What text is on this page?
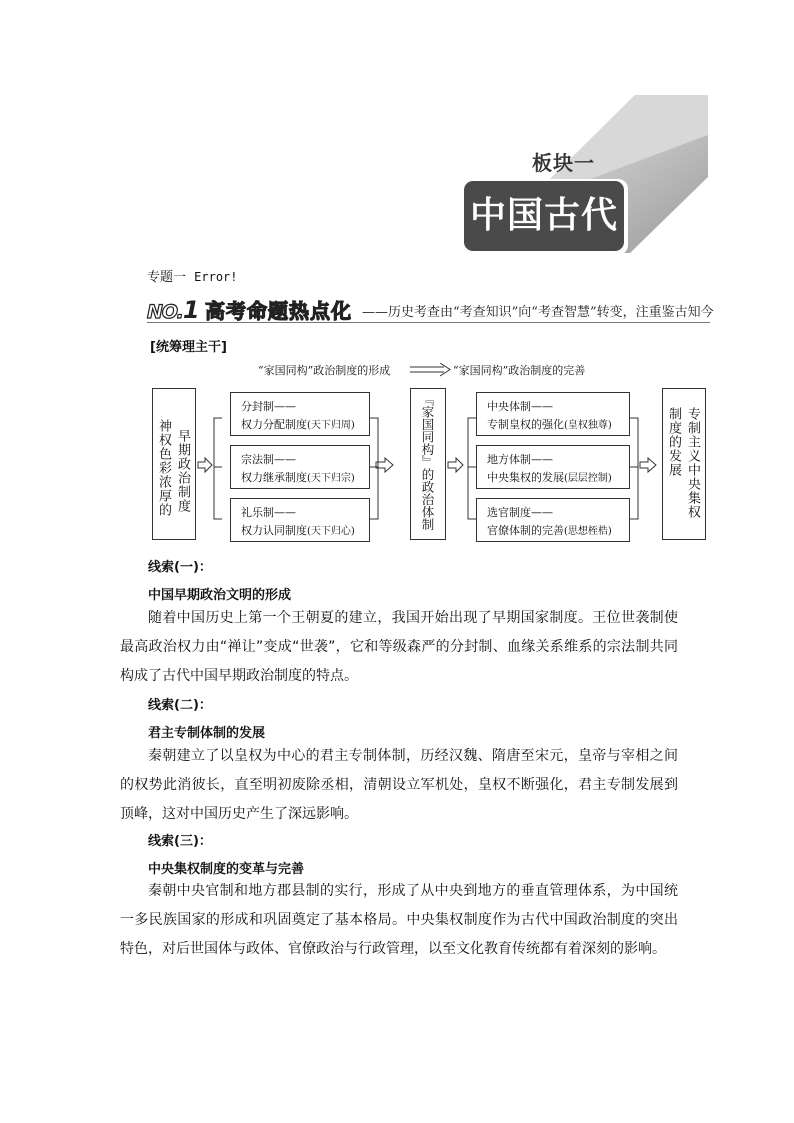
板块一
中国古代史
专题一 Error!
NO.1 高考命题热点化 ——历史考查由“考查知识”向“考查智慧”转变，注重鉴古知今
[统筹理主干]
“家国同构”政治制度的形成	“家国同构”政治制度的完善
早期政治制度
神权色彩浓厚的
分封制——
权力分配制度(天下归周)
宗法制——
权力继承制度(天下归宗)
礼乐制——
权力认同制度(天下归心)
『家国同构』的政治体制	中央体制——
专制皇权的强化(皇权独尊)
地方体制——
中央集权的发展(层层控制)
选官制度——
官僚体制的完善(思想桎梏)
专制主义中央集权
制度的发展
线索(一)：
中国早期政治文明的形成
随着中国历史上第一个王朝夏的建立，我国开始出现了早期国家制度。王位世袭制使最高政治权力由“禅让”变成“世袭”，它和等级森严的分封制、血缘关系维系的宗法制共同构成了古代中国早期政治制度的特点。
线索(二)：
君主专制体制的发展
秦朝建立了以皇权为中心的君主专制体制，历经汉魏、隋唐至宋元，皇帝与宰相之间的权势此消彼长，直至明初废除丞相，清朝设立军机处，皇权不断强化，君主专制发展到顶峰，这对中国历史产生了深远影响。
线索(三)：
中央集权制度的变革与完善
秦朝中央官制和地方郡县制的实行，形成了从中央到地方的垂直管理体系，为中国统一多民族国家的形成和巩固奠定了基本格局。中央集权制度作为古代中国政治制度的突出特色，对后世国体与政体、官僚政治与行政管理，以至文化教育传统都有着深刻的影响。
